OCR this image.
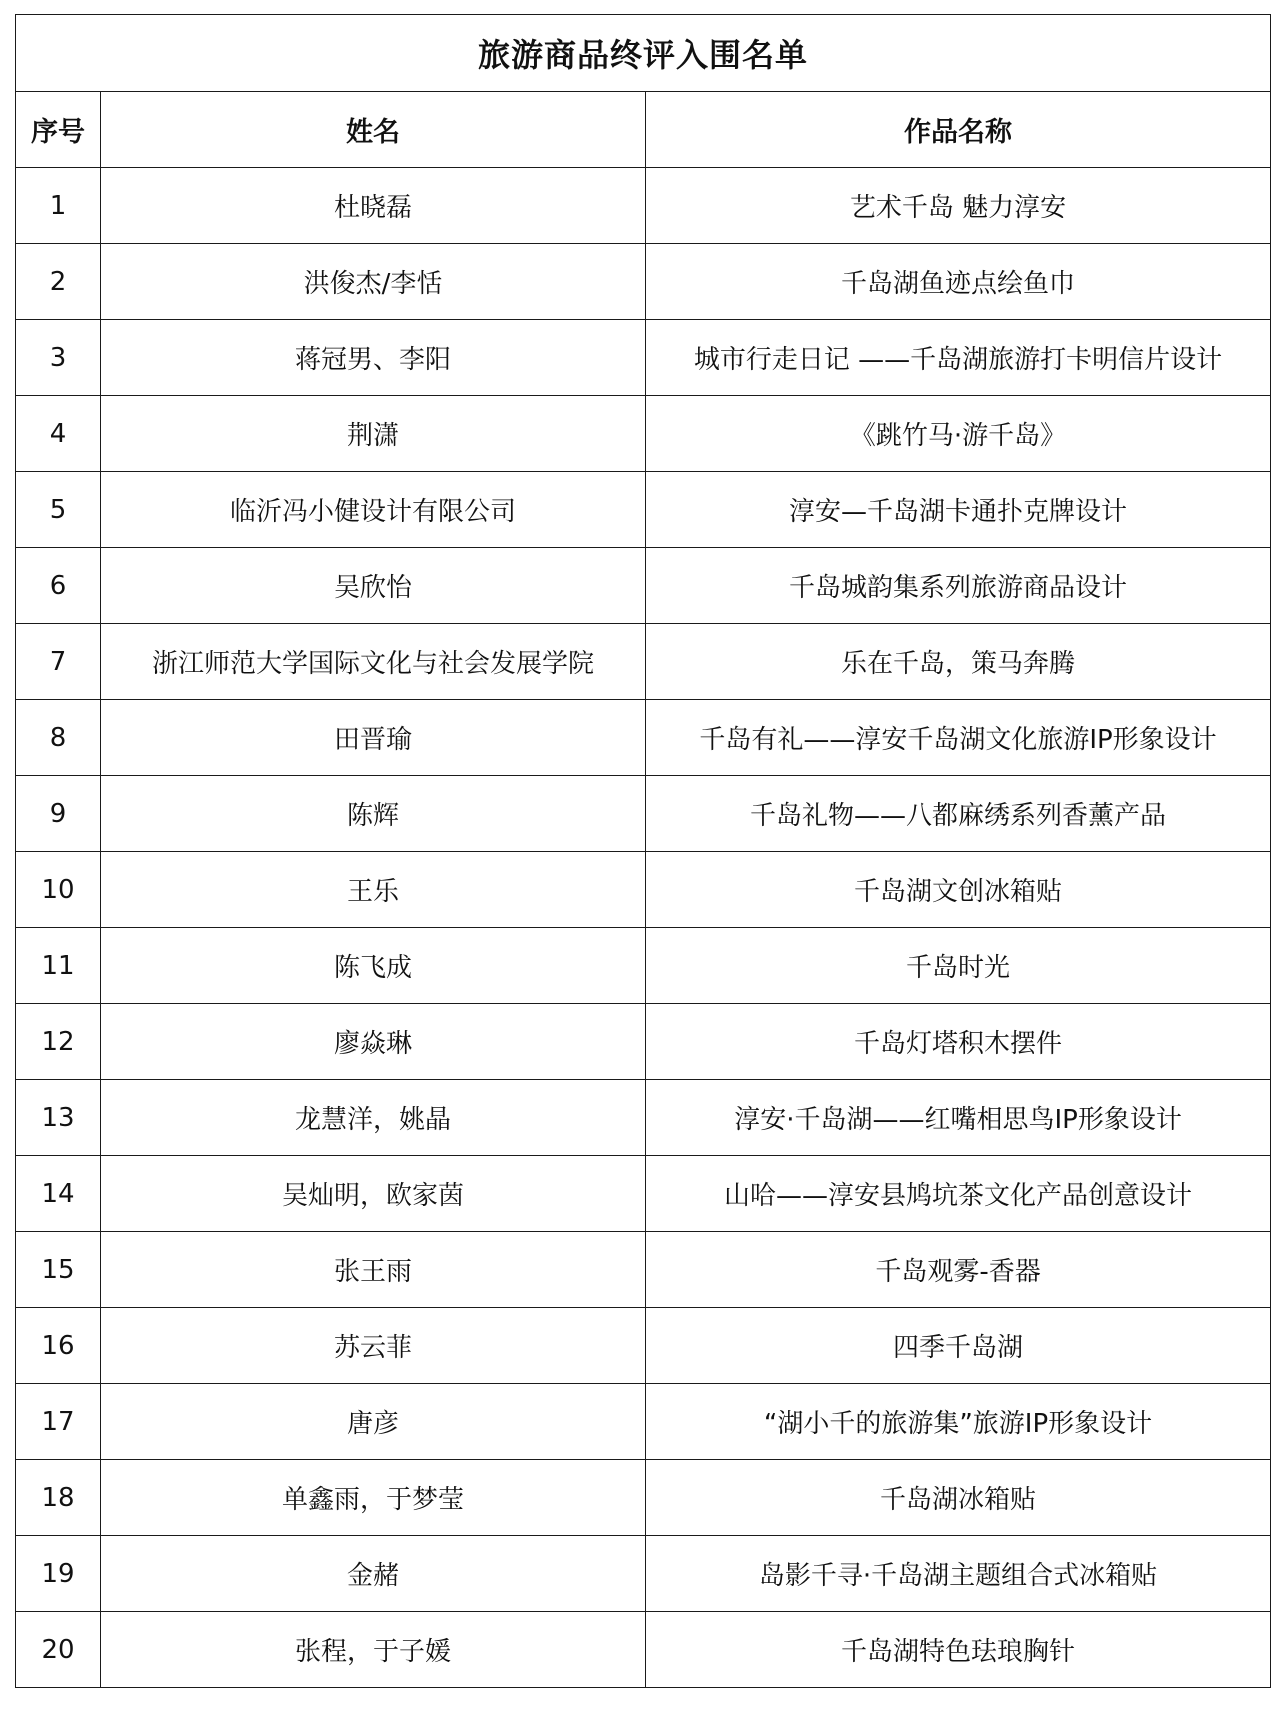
旅游商品终评入围名单		
序号	姓名	作品名称
1	杜晓磊	艺术千岛 魅力淳安
2	洪俊杰/李恬	千岛湖鱼迹点绘鱼巾
3	蒋冠男、李阳	城市行走日记 ——千岛湖旅游打卡明信片设计
4	荆潇	《跳竹马·游千岛》
5	临沂冯小健设计有限公司	淳安—千岛湖卡通扑克牌设计
6	吴欣怡	千岛城韵集系列旅游商品设计
7	浙江师范大学国际文化与社会发展学院	乐在千岛，策马奔腾
8	田晋瑜	千岛有礼——淳安千岛湖文化旅游IP形象设计
9	陈辉	千岛礼物——八都麻绣系列香薰产品
10	王乐	千岛湖文创冰箱贴
11	陈飞成	千岛时光
12	廖焱琳	千岛灯塔积木摆件
13	龙慧洋，姚晶	淳安·千岛湖——红嘴相思鸟IP形象设计
14	吴灿明，欧家茵	山哈——淳安县鸠坑茶文化产品创意设计
15	张王雨	千岛观雾-香器
16	苏云菲	四季千岛湖
17	唐彦	“湖小千的旅游集”旅游IP形象设计
18	单鑫雨，于梦莹	千岛湖冰箱贴
19	金赭	岛影千寻·千岛湖主题组合式冰箱贴
20	张程，于子媛	千岛湖特色珐琅胸针
